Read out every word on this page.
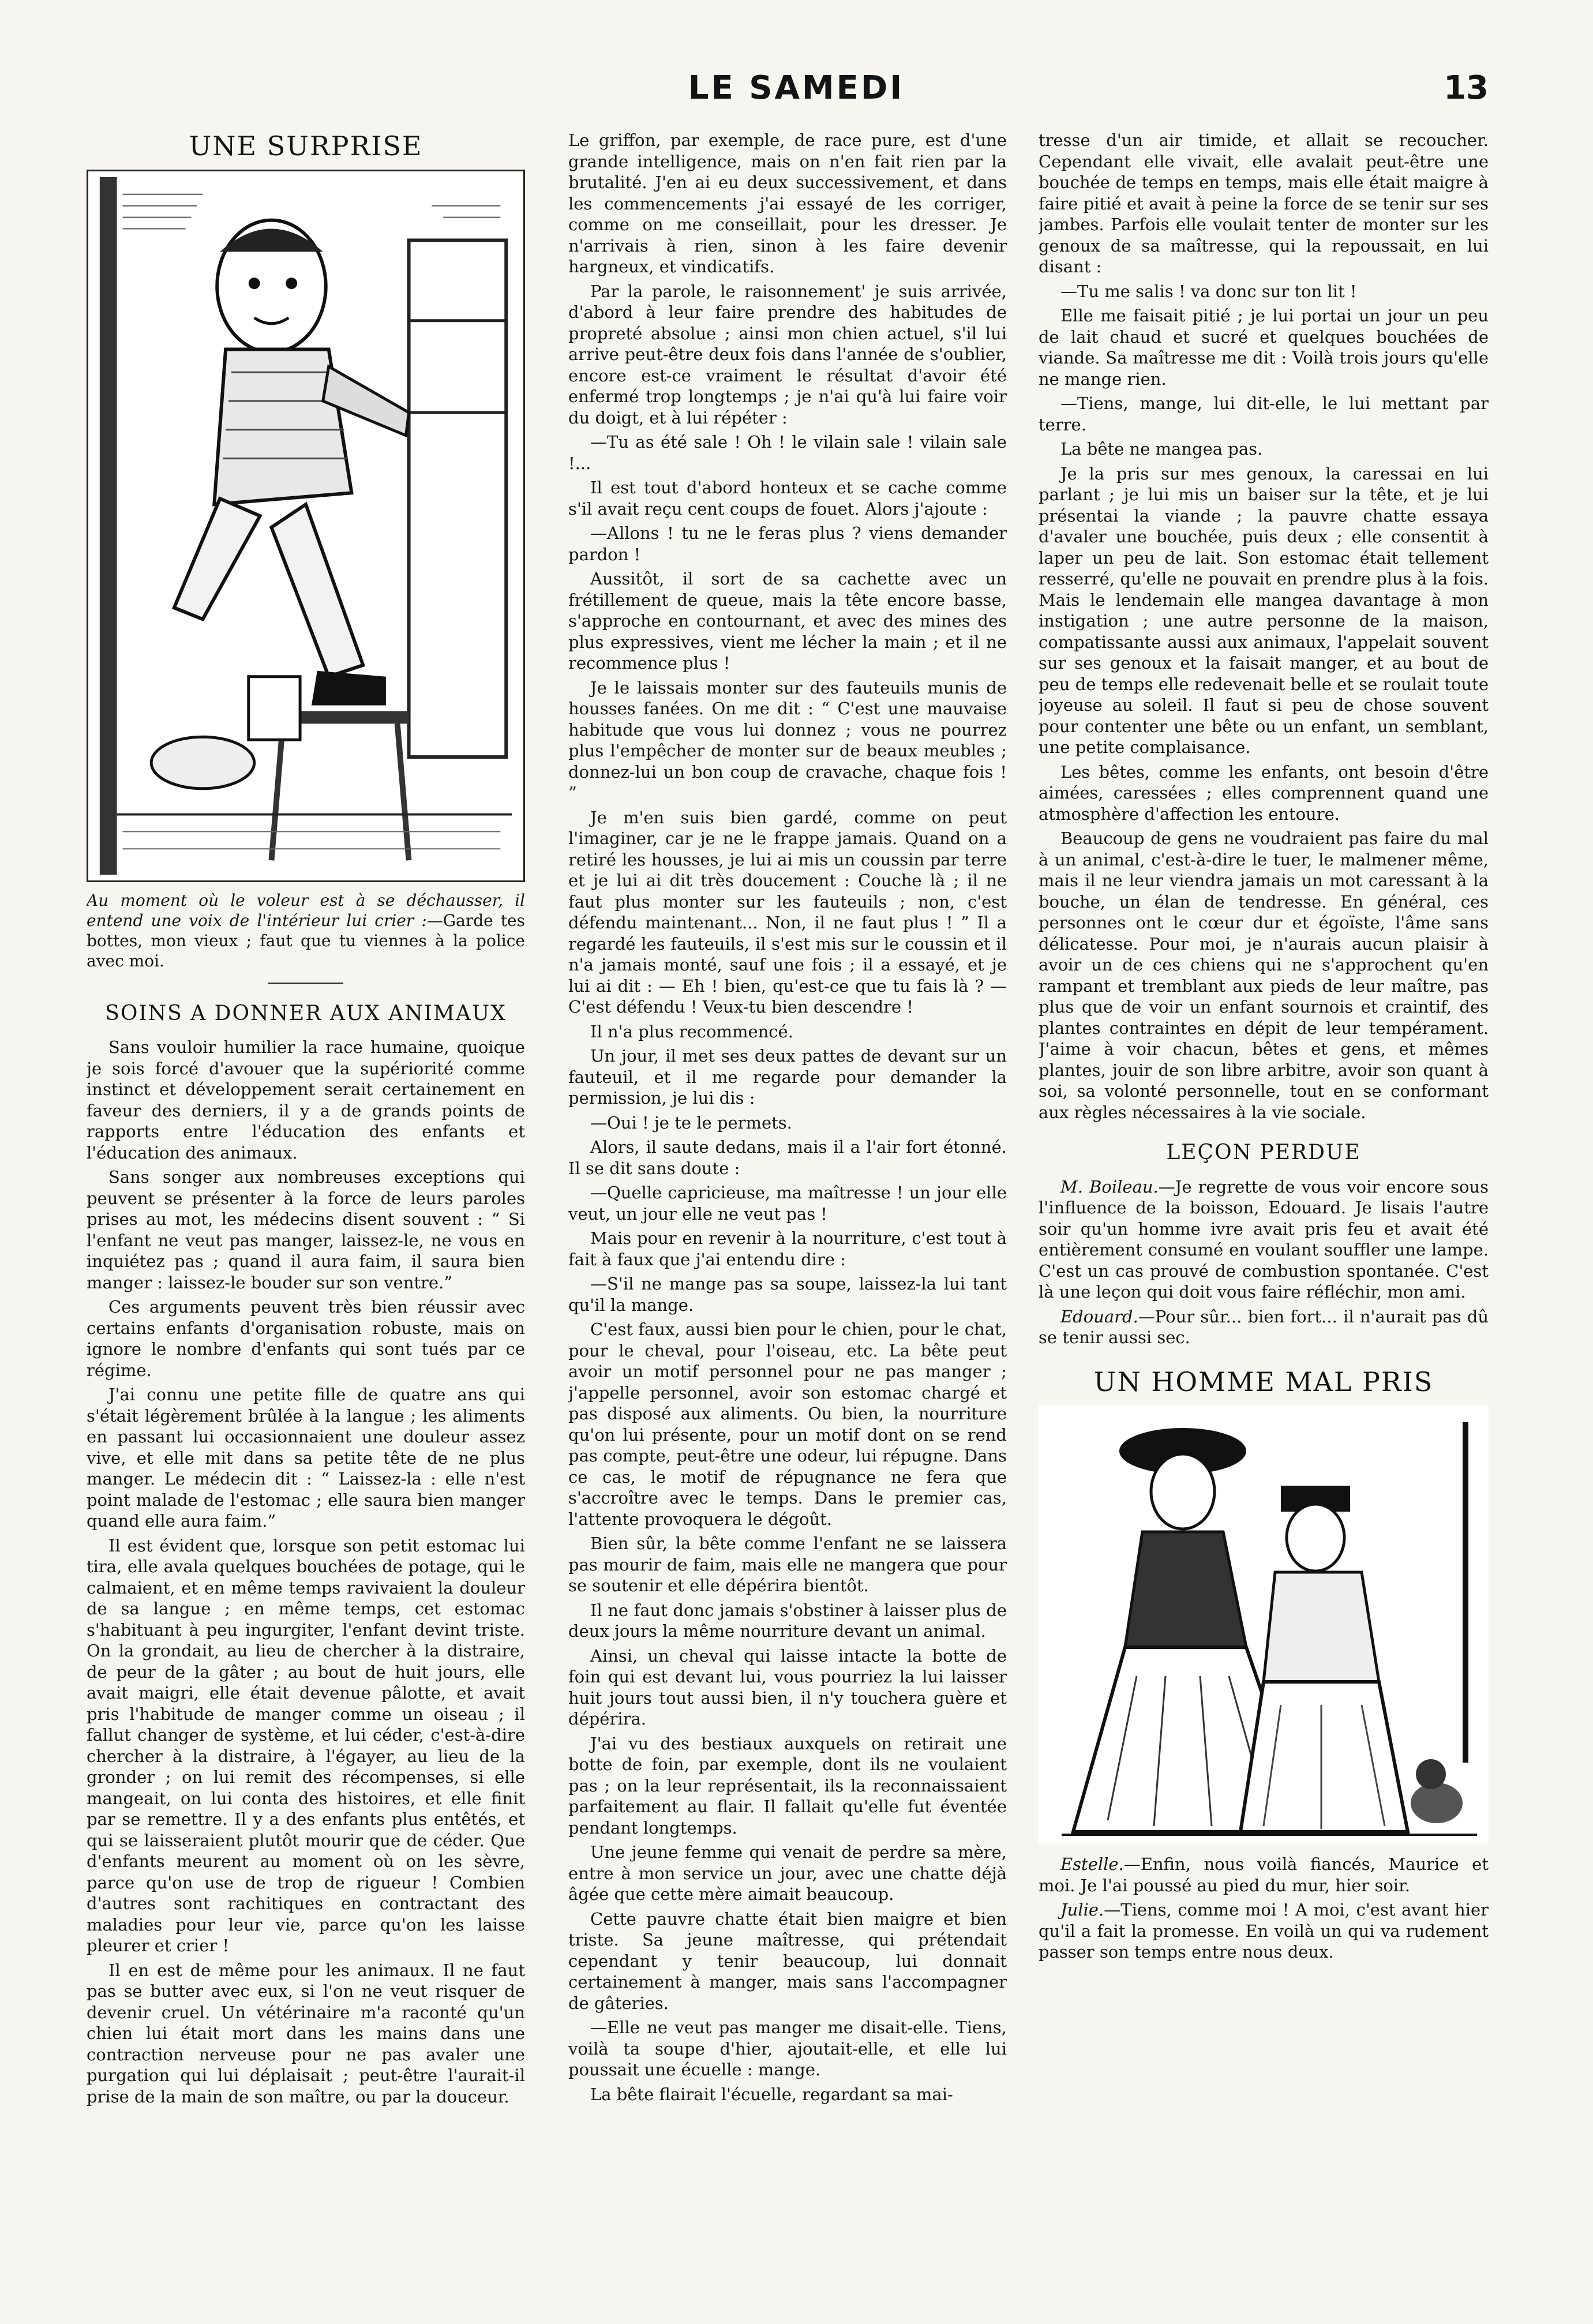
LE SAMEDI	13
UNE SURPRISE
Au moment où le voleur est à se déchausser, il entend une voix de l'intérieur lui crier :—Garde tes bottes, mon vieux ; faut que tu viennes à la police avec moi.
SOINS A DONNER AUX ANIMAUX

Sans vouloir humilier la race humaine, quoique je sois forcé d'avouer que la supériorité comme instinct et développement serait certainement en faveur des derniers, il y a de grands points de rapports entre l'éducation des enfants et l'éducation des animaux.

Sans songer aux nombreuses exceptions qui peuvent se présenter à la force de leurs paroles prises au mot, les médecins disent souvent : “ Si l'enfant ne veut pas manger, laissez-le, ne vous en inquiétez pas ; quand il aura faim, il saura bien manger : laissez-le bouder sur son ventre.”

Ces arguments peuvent très bien réussir avec certains enfants d'organisation robuste, mais on ignore le nombre d'enfants qui sont tués par ce régime.

J'ai connu une petite fille de quatre ans qui s'était légèrement brûlée à la langue ; les aliments en passant lui occasionnaient une douleur assez vive, et elle mit dans sa petite tête de ne plus manger. Le médecin dit : “ Laissez-la : elle n'est point malade de l'estomac ; elle saura bien manger quand elle aura faim.”

Il est évident que, lorsque son petit estomac lui tira, elle avala quelques bouchées de potage, qui le calmaient, et en même temps ravivaient la douleur de sa langue ; en même temps, cet estomac s'habituant à peu ingurgiter, l'enfant devint triste. On la grondait, au lieu de chercher à la distraire, de peur de la gâter ; au bout de huit jours, elle avait maigri, elle était devenue pâlotte, et avait pris l'habitude de manger comme un oiseau ; il fallut changer de système, et lui céder, c'est-à-dire chercher à la distraire, à l'égayer, au lieu de la gronder ; on lui remit des récompenses, si elle mangeait, on lui conta des histoires, et elle finit par se remettre. Il y a des enfants plus entêtés, et qui se laisseraient plutôt mourir que de céder. Que d'enfants meurent au moment où on les sèvre, parce qu'on use de trop de rigueur ! Combien d'autres sont rachitiques en contractant des maladies pour leur vie, parce qu'on les laisse pleurer et crier !

Il en est de même pour les animaux. Il ne faut pas se butter avec eux, si l'on ne veut risquer de devenir cruel. Un vétérinaire m'a raconté qu'un chien lui était mort dans les mains dans une contraction nerveuse pour ne pas avaler une purgation qui lui déplaisait ; peut-être l'aurait-il prise de la main de son maître, ou par la douceur.

Le griffon, par exemple, de race pure, est d'une grande intelligence, mais on n'en fait rien par la brutalité. J'en ai eu deux successivement, et dans les commencements j'ai essayé de les corriger, comme on me conseillait, pour les dresser. Je n'arrivais à rien, sinon à les faire devenir hargneux, et vindicatifs.

Par la parole, le raisonnement' je suis arrivée, d'abord à leur faire prendre des habitudes de propreté absolue ; ainsi mon chien actuel, s'il lui arrive peut-être deux fois dans l'année de s'oublier, encore est-ce vraiment le résultat d'avoir été enfermé trop longtemps ; je n'ai qu'à lui faire voir du doigt, et à lui répéter :

—Tu as été sale ! Oh ! le vilain sale ! vilain sale !...

Il est tout d'abord honteux et se cache comme s'il avait reçu cent coups de fouet. Alors j'ajoute :

—Allons ! tu ne le feras plus ? viens demander pardon !

Aussitôt, il sort de sa cachette avec un frétillement de queue, mais la tête encore basse, s'approche en contournant, et avec des mines des plus expressives, vient me lécher la main ; et il ne recommence plus !

Je le laissais monter sur des fauteuils munis de housses fanées. On me dit : “ C'est une mauvaise habitude que vous lui donnez ; vous ne pourrez plus l'empêcher de monter sur de beaux meubles ; donnez-lui un bon coup de cravache, chaque fois ! ”

Je m'en suis bien gardé, comme on peut l'imaginer, car je ne le frappe jamais. Quand on a retiré les housses, je lui ai mis un coussin par terre et je lui ai dit très doucement : Couche là ; il ne faut plus monter sur les fauteuils ; non, c'est défendu maintenant... Non, il ne faut plus ! ” Il a regardé les fauteuils, il s'est mis sur le coussin et il n'a jamais monté, sauf une fois ; il a essayé, et je lui ai dit : — Eh ! bien, qu'est-ce que tu fais là ? — C'est défendu ! Veux-tu bien descendre !

Il n'a plus recommencé.

Un jour, il met ses deux pattes de devant sur un fauteuil, et il me regarde pour demander la permission, je lui dis :

—Oui ! je te le permets.

Alors, il saute dedans, mais il a l'air fort étonné. Il se dit sans doute :

—Quelle capricieuse, ma maîtresse ! un jour elle veut, un jour elle ne veut pas !

Mais pour en revenir à la nourriture, c'est tout à fait à faux que j'ai entendu dire :

—S'il ne mange pas sa soupe, laissez-la lui tant qu'il la mange.

C'est faux, aussi bien pour le chien, pour le chat, pour le cheval, pour l'oiseau, etc. La bête peut avoir un motif personnel pour ne pas manger ; j'appelle personnel, avoir son estomac chargé et pas disposé aux aliments. Ou bien, la nourriture qu'on lui présente, pour un motif dont on se rend pas compte, peut-être une odeur, lui répugne. Dans ce cas, le motif de répugnance ne fera que s'accroître avec le temps. Dans le premier cas, l'attente provoquera le dégoût.

Bien sûr, la bête comme l'enfant ne se laissera pas mourir de faim, mais elle ne mangera que pour se soutenir et elle dépérira bientôt.

Il ne faut donc jamais s'obstiner à laisser plus de deux jours la même nourriture devant un animal.

Ainsi, un cheval qui laisse intacte la botte de foin qui est devant lui, vous pourriez la lui laisser huit jours tout aussi bien, il n'y touchera guère et dépérira.

J'ai vu des bestiaux auxquels on retirait une botte de foin, par exemple, dont ils ne voulaient pas ; on la leur représentait, ils la reconnaissaient parfaitement au flair. Il fallait qu'elle fut éventée pendant longtemps.

Une jeune femme qui venait de perdre sa mère, entre à mon service un jour, avec une chatte déjà âgée que cette mère aimait beaucoup.

Cette pauvre chatte était bien maigre et bien triste. Sa jeune maîtresse, qui prétendait cependant y tenir beaucoup, lui donnait certainement à manger, mais sans l'accompagner de gâteries.

—Elle ne veut pas manger me disait-elle. Tiens, voilà ta soupe d'hier, ajoutait-elle, et elle lui poussait une écuelle : mange.

La bête flairait l'écuelle, regardant sa mai-

tresse d'un air timide, et allait se recoucher. Cependant elle vivait, elle avalait peut-être une bouchée de temps en temps, mais elle était maigre à faire pitié et avait à peine la force de se tenir sur ses jambes. Parfois elle voulait tenter de monter sur les genoux de sa maîtresse, qui la repoussait, en lui disant :

—Tu me salis ! va donc sur ton lit !

Elle me faisait pitié ; je lui portai un jour un peu de lait chaud et sucré et quelques bouchées de viande. Sa maîtresse me dit : Voilà trois jours qu'elle ne mange rien.

—Tiens, mange, lui dit-elle, le lui mettant par terre.

La bête ne mangea pas.

Je la pris sur mes genoux, la caressai en lui parlant ; je lui mis un baiser sur la tête, et je lui présentai la viande ; la pauvre chatte essaya d'avaler une bouchée, puis deux ; elle consentit à laper un peu de lait. Son estomac était tellement resserré, qu'elle ne pouvait en prendre plus à la fois. Mais le lendemain elle mangea davantage à mon instigation ; une autre personne de la maison, compatissante aussi aux animaux, l'appelait souvent sur ses genoux et la faisait manger, et au bout de peu de temps elle redevenait belle et se roulait toute joyeuse au soleil. Il faut si peu de chose souvent pour contenter une bête ou un enfant, un semblant, une petite complaisance.

Les bêtes, comme les enfants, ont besoin d'être aimées, caressées ; elles comprennent quand une atmosphère d'affection les entoure.

Beaucoup de gens ne voudraient pas faire du mal à un animal, c'est-à-dire le tuer, le malmener même, mais il ne leur viendra jamais un mot caressant à la bouche, un élan de tendresse. En général, ces personnes ont le cœur dur et égoïste, l'âme sans délicatesse. Pour moi, je n'aurais aucun plaisir à avoir un de ces chiens qui ne s'approchent qu'en rampant et tremblant aux pieds de leur maître, pas plus que de voir un enfant sournois et craintif, des plantes contraintes en dépit de leur tempérament. J'aime à voir chacun, bêtes et gens, et mêmes plantes, jouir de son libre arbitre, avoir son quant à soi, sa volonté personnelle, tout en se conformant aux règles nécessaires à la vie sociale.

LEÇON PERDUE

M. Boileau.—Je regrette de vous voir encore sous l'influence de la boisson, Edouard. Je lisais l'autre soir qu'un homme ivre avait pris feu et avait été entièrement consumé en voulant souffler une lampe. C'est un cas prouvé de combustion spontanée. C'est là une leçon qui doit vous faire réfléchir, mon ami.

Edouard.—Pour sûr... bien fort... il n'aurait pas dû se tenir aussi sec.

UN HOMME MAL PRIS

Estelle.—Enfin, nous voilà fiancés, Maurice et moi. Je l'ai poussé au pied du mur, hier soir.

Julie.—Tiens, comme moi ! A moi, c'est avant hier qu'il a fait la promesse. En voilà un qui va rudement passer son temps entre nous deux.
